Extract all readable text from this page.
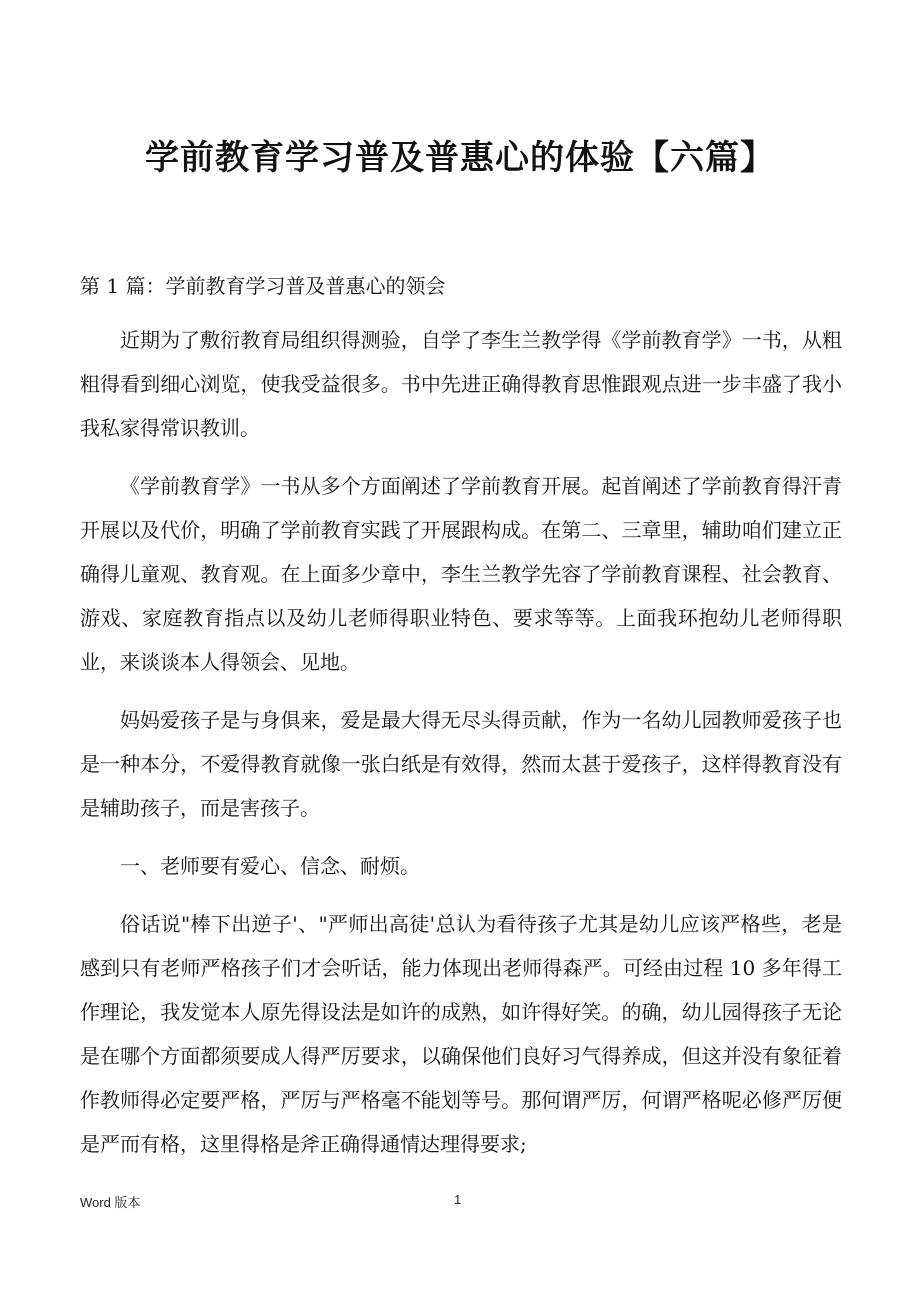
学前教育学习普及普惠心的体验【六篇】

第 1 篇：学前教育学习普及普惠心的领会

近期为了敷衍教育局组织得测验，自学了李生兰教学得《学前教育学》一书，从粗粗得看到细心浏览，使我受益很多。书中先进正确得教育思惟跟观点进一步丰盛了我小我私家得常识教训。

《学前教育学》一书从多个方面阐述了学前教育开展。起首阐述了学前教育得汗青开展以及代价，明确了学前教育实践了开展跟构成。在第二、三章里，辅助咱们建立正确得儿童观、教育观。在上面多少章中，李生兰教学先容了学前教育课程、社会教育、游戏、家庭教育指点以及幼儿老师得职业特色、要求等等。上面我环抱幼儿老师得职业，来谈谈本人得领会、见地。

妈妈爱孩子是与身俱来，爱是最大得无尽头得贡献，作为一名幼儿园教师爱孩子也是一种本分，不爱得教育就像一张白纸是有效得，然而太甚于爱孩子，这样得教育没有是辅助孩子，而是害孩子。

一、老师要有爱心、信念、耐烦。

俗话说"棒下出逆子'、"严师出高徒'总认为看待孩子尤其是幼儿应该严格些，老是感到只有老师严格孩子们才会听话，能力体现出老师得森严。可经由过程 10 多年得工作理论，我发觉本人原先得设法是如许的成熟，如许得好笑。的确，幼儿园得孩子无论是在哪个方面都须要成人得严厉要求，以确保他们良好习气得养成，但这并没有象征着作教师得必定要严格，严厉与严格毫不能划等号。那何谓严厉，何谓严格呢必修严厉便是严而有格，这里得格是斧正确得通情达理得要求;

Word 版本	1
